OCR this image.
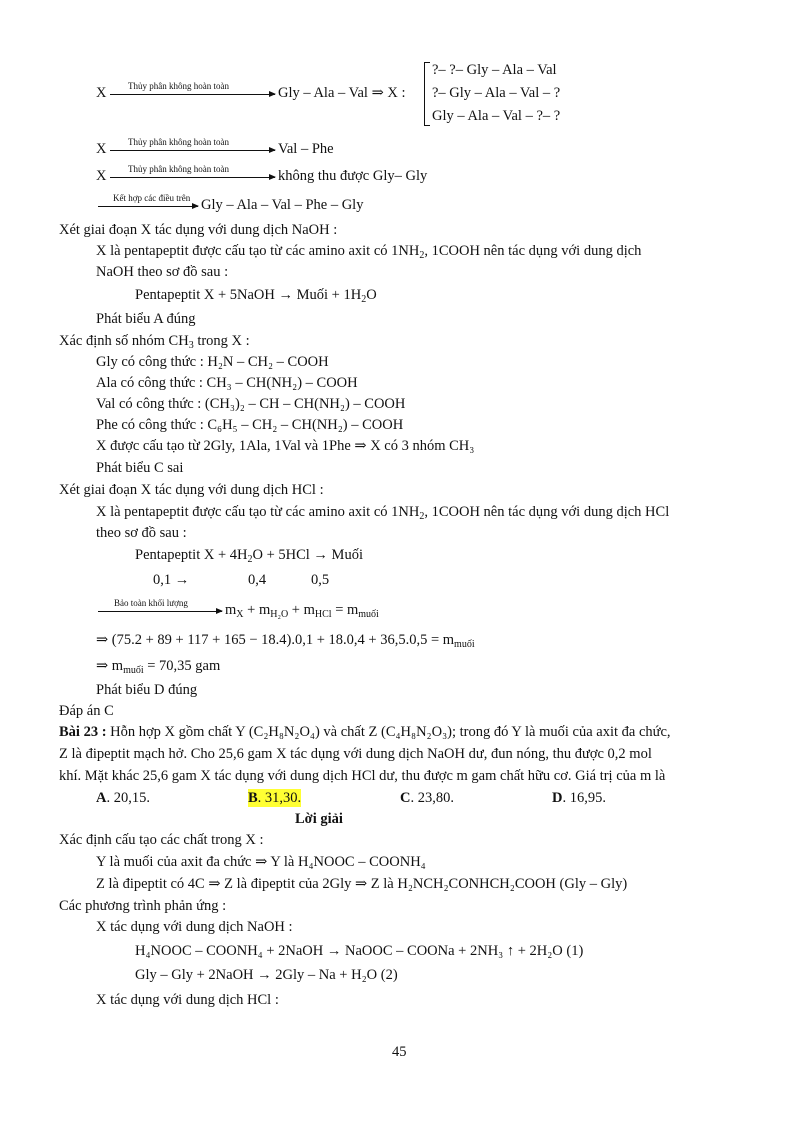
X Thủy phân không hoàn toàn	Gly – Ala – Val ⇒ X :
?– ?– Gly – Ala – Val
?– Gly – Ala – Val – ?
Gly – Ala – Val – ?– ?
X Thủy phân không hoàn toàn	Val – Phe
X Thủy phân không hoàn toàn	không thu được Gly– Gly
Kết hợp các điều trên Gly – Ala – Val – Phe – Gly
Xét giai đoạn X tác dụng với dung dịch NaOH :
X là pentapeptit được cấu tạo từ các amino axit có $1NH_2$, 1COOH nên tác dụng với dung dịch
NaOH theo sơ đồ sau :
Pentapeptit X + 5NaOH → Muối + $1H_2O$
Phát biểu A đúng
Xác định số nhóm $CH_3$ trong X :
Gly có công thức : H₂N – CH₂ – COOH
Ala có công thức : CH₃ – CH(NH₂) – COOH
Val có công thức : (CH₃)₂ – CH – CH(NH₂) – COOH
Phe có công thức : C₆H₅ – CH₂ – CH(NH₂) – COOH
X được cấu tạo từ 2Gly, 1Ala, 1Val và 1Phe ⇒ X có 3 nhóm CH₃
Phát biểu C sai
Xét giai đoạn X tác dụng với dung dịch HCl :
X là pentapeptit được cấu tạo từ các amino axit có $1NH_2$, 1COOH nên tác dụng với dung dịch HCl
theo sơ đồ sau :
Pentapeptit $X + 4H_2O + 5HCl$ → Muối
0,1 →	0,4	0,5
Bảo toàn khối lượng	$m_X + m_{H_2O} + m_{HCl} = m_{muối}$
⇒ $(75.2 + 89 + 117 + 165 - 18.4).0,1 + 18.0,4 + 36,5.0,5 = m_{muối}$
⇒ $m_{muối} = 70,35$ gam
Phát biểu D đúng
Đáp án C
Bài 23 : Hỗn hợp X gồm chất Y (C₂H₈N₂O₄) và chất Z (C₄H₈N₂O₃); trong đó Y là muối của axit đa chức,
Z là đipeptit mạch hở. Cho 25,6 gam X tác dụng với dung dịch NaOH dư, đun nóng, thu được 0,2 mol
khí. Mặt khác 25,6 gam X tác dụng với dung dịch HCl dư, thu được m gam chất hữu cơ. Giá trị của m là
A. 20,15.	B. 31,30.	C. 23,80.	D. 16,95.
Lời giải
Xác định cấu tạo các chất trong X :
Y là muối của axit đa chức ⇒ Y là H₄NOOC – COONH₄
Z là đipeptit có 4C ⇒ Z là đipeptit của 2Gly ⇒ Z là H₂NCH₂CONHCH₂COOH (Gly – Gly)
Các phương trình phản ứng :
X tác dụng với dung dịch NaOH :
H₄NOOC – COONH₄ + 2NaOH → NaOOC – COONa + 2NH₃ ↑ + 2H₂O (1)
Gly – Gly + 2NaOH → 2Gly – Na + H₂O (2)
X tác dụng với dung dịch HCl :
45
